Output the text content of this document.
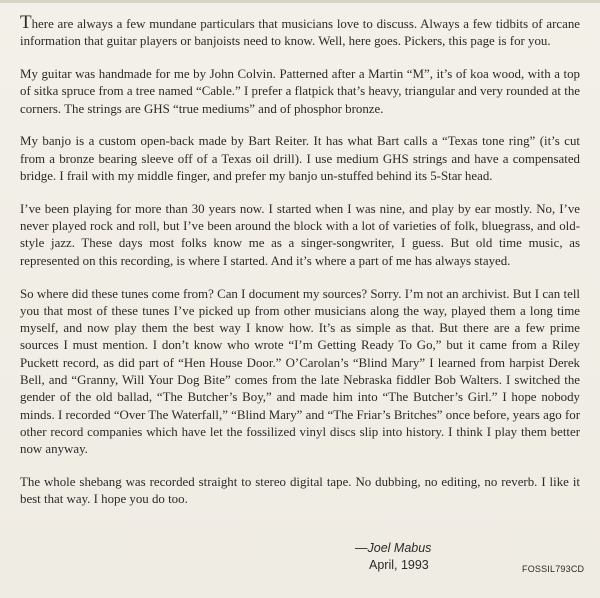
There are always a few mundane particulars that musicians love to discuss. Always a few tidbits of arcane information that guitar players or banjoists need to know. Well, here goes. Pickers, this page is for you.

My guitar was handmade for me by John Colvin. Patterned after a Martin “M”, it’s of koa wood, with a top of sitka spruce from a tree named “Cable.” I prefer a flatpick that’s heavy, triangular and very rounded at the corners. The strings are GHS “true mediums” and of phosphor bronze.

My banjo is a custom open-back made by Bart Reiter. It has what Bart calls a “Texas tone ring” (it’s cut from a bronze bearing sleeve off of a Texas oil drill). I use medium GHS strings and have a compensated bridge. I frail with my middle finger, and prefer my banjo un-stuffed behind its 5-Star head.

I’ve been playing for more than 30 years now. I started when I was nine, and play by ear mostly. No, I’ve never played rock and roll, but I’ve been around the block with a lot of varieties of folk, bluegrass, and old-style jazz. These days most folks know me as a singer-songwriter, I guess. But old time music, as represented on this recording, is where I started. And it’s where a part of me has always stayed.

So where did these tunes come from? Can I document my sources? Sorry. I’m not an archivist. But I can tell you that most of these tunes I’ve picked up from other musicians along the way, played them a long time myself, and now play them the best way I know how. It’s as simple as that. But there are a few prime sources I must mention. I don’t know who wrote “I’m Getting Ready To Go,” but it came from a Riley Puckett record, as did part of “Hen House Door.” O’Carolan’s “Blind Mary” I learned from harpist Derek Bell, and “Granny, Will Your Dog Bite” comes from the late Nebraska fiddler Bob Walters. I switched the gender of the old ballad, “The Butcher’s Boy,” and made him into “The Butcher’s Girl.” I hope nobody minds. I recorded “Over The Waterfall,” “Blind Mary” and “The Friar’s Britches” once before, years ago for other record companies which have let the fossilized vinyl discs slip into history. I think I play them better now anyway.

The whole shebang was recorded straight to stereo digital tape. No dubbing, no editing, no reverb. I like it best that way. I hope you do too.

—Joel Mabus
April, 1993	FOSSIL793CD
